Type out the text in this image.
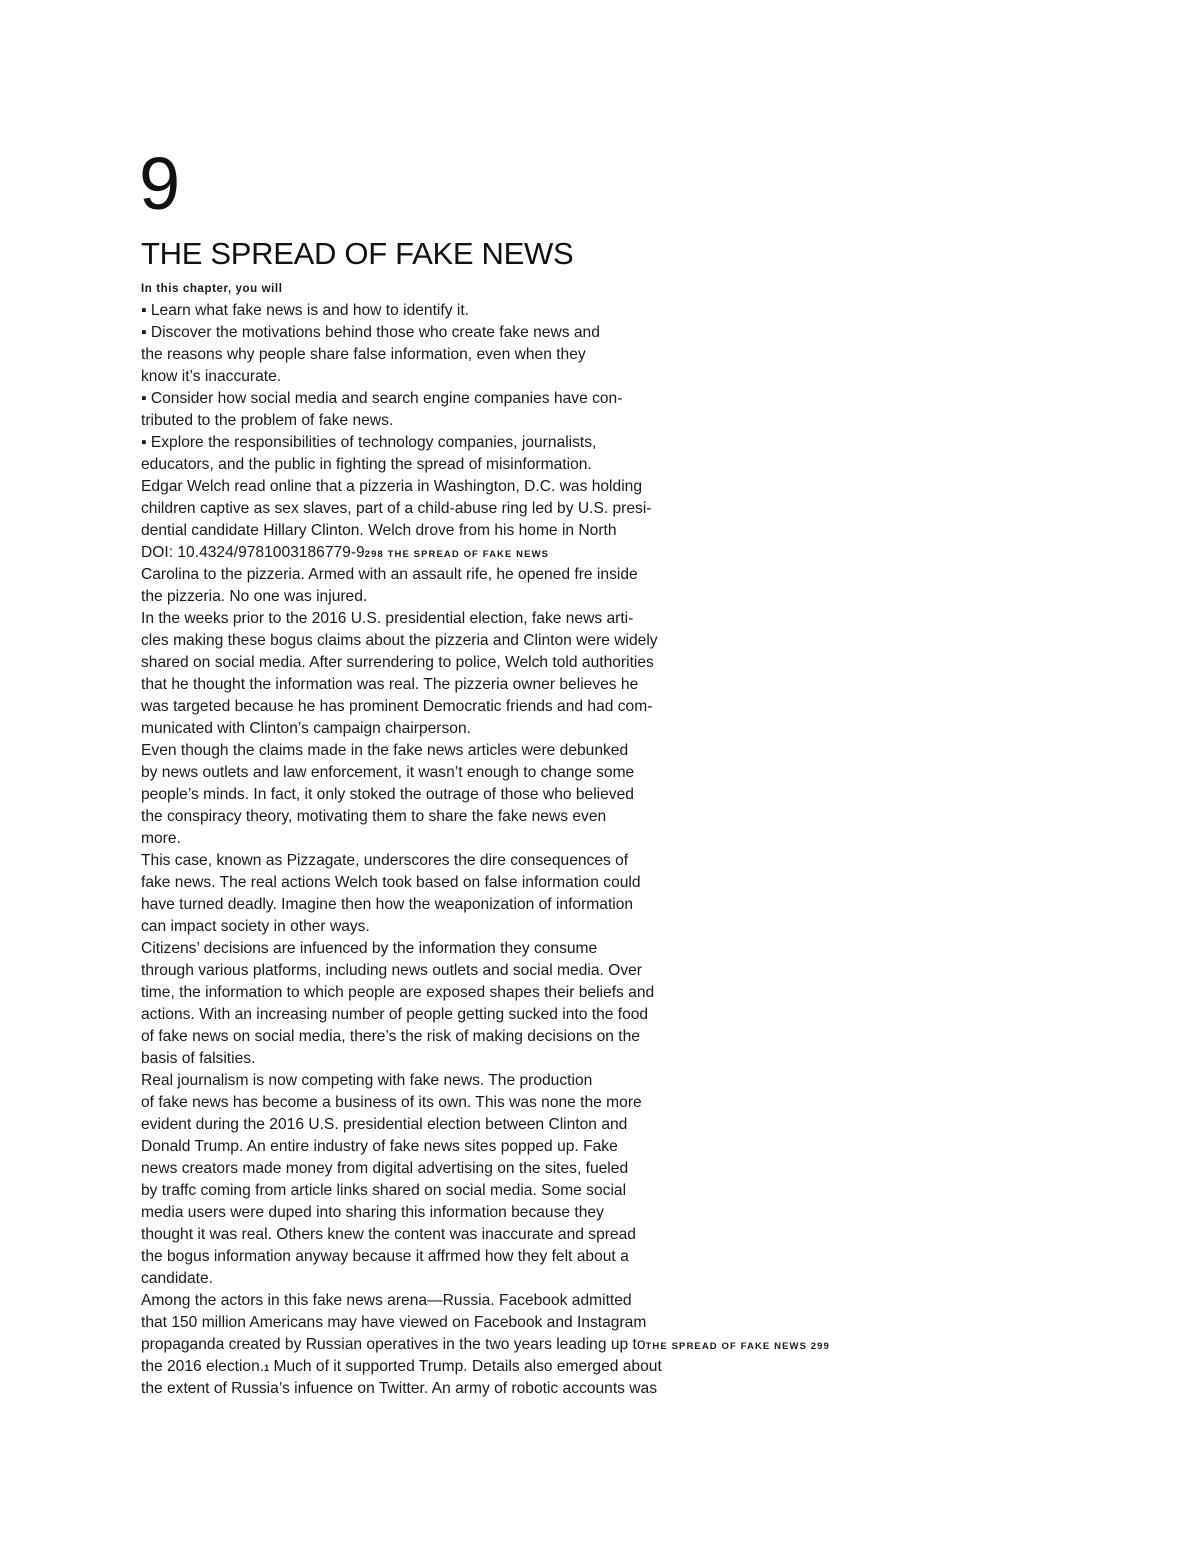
9
THE SPREAD OF FAKE NEWS
In this chapter, you will
▪ Learn what fake news is and how to identify it.
▪ Discover the motivations behind those who create fake news and
the reasons why people share false information, even when they
know it’s inaccurate.
▪ Consider how social media and search engine companies have con-
tributed to the problem of fake news.
▪ Explore the responsibilities of technology companies, journalists,
educators, and the public in fighting the spread of misinformation.
Edgar Welch read online that a pizzeria in Washington, D.C. was holding
children captive as sex slaves, part of a child-abuse ring led by U.S. presi-
dential candidate Hillary Clinton. Welch drove from his home in North
DOI: 10.4324/9781003186779-9298 THE SPREAD OF FAKE NEWS
Carolina to the pizzeria. Armed with an assault rife, he opened fre inside
the pizzeria. No one was injured.
In the weeks prior to the 2016 U.S. presidential election, fake news arti-
cles making these bogus claims about the pizzeria and Clinton were widely
shared on social media. After surrendering to police, Welch told authorities
that he thought the information was real. The pizzeria owner believes he
was targeted because he has prominent Democratic friends and had com-
municated with Clinton’s campaign chairperson.
Even though the claims made in the fake news articles were debunked
by news outlets and law enforcement, it wasn’t enough to change some
people’s minds. In fact, it only stoked the outrage of those who believed
the conspiracy theory, motivating them to share the fake news even
more.
This case, known as Pizzagate, underscores the dire consequences of
fake news. The real actions Welch took based on false information could
have turned deadly. Imagine then how the weaponization of information
can impact society in other ways.
Citizens’ decisions are infuenced by the information they consume
through various platforms, including news outlets and social media. Over
time, the information to which people are exposed shapes their beliefs and
actions. With an increasing number of people getting sucked into the food
of fake news on social media, there’s the risk of making decisions on the
basis of falsities.
Real journalism is now competing with fake news. The production
of fake news has become a business of its own. This was none the more
evident during the 2016 U.S. presidential election between Clinton and
Donald Trump. An entire industry of fake news sites popped up. Fake
news creators made money from digital advertising on the sites, fueled
by traffc coming from article links shared on social media. Some social
media users were duped into sharing this information because they
thought it was real. Others knew the content was inaccurate and spread
the bogus information anyway because it affrmed how they felt about a
candidate.
Among the actors in this fake news arena—Russia. Facebook admitted
that 150 million Americans may have viewed on Facebook and Instagram
propaganda created by Russian operatives in the two years leading up toTHE SPREAD OF FAKE NEWS 299
the 2016 election.1 Much of it supported Trump. Details also emerged about
the extent of Russia’s infuence on Twitter. An army of robotic accounts was
